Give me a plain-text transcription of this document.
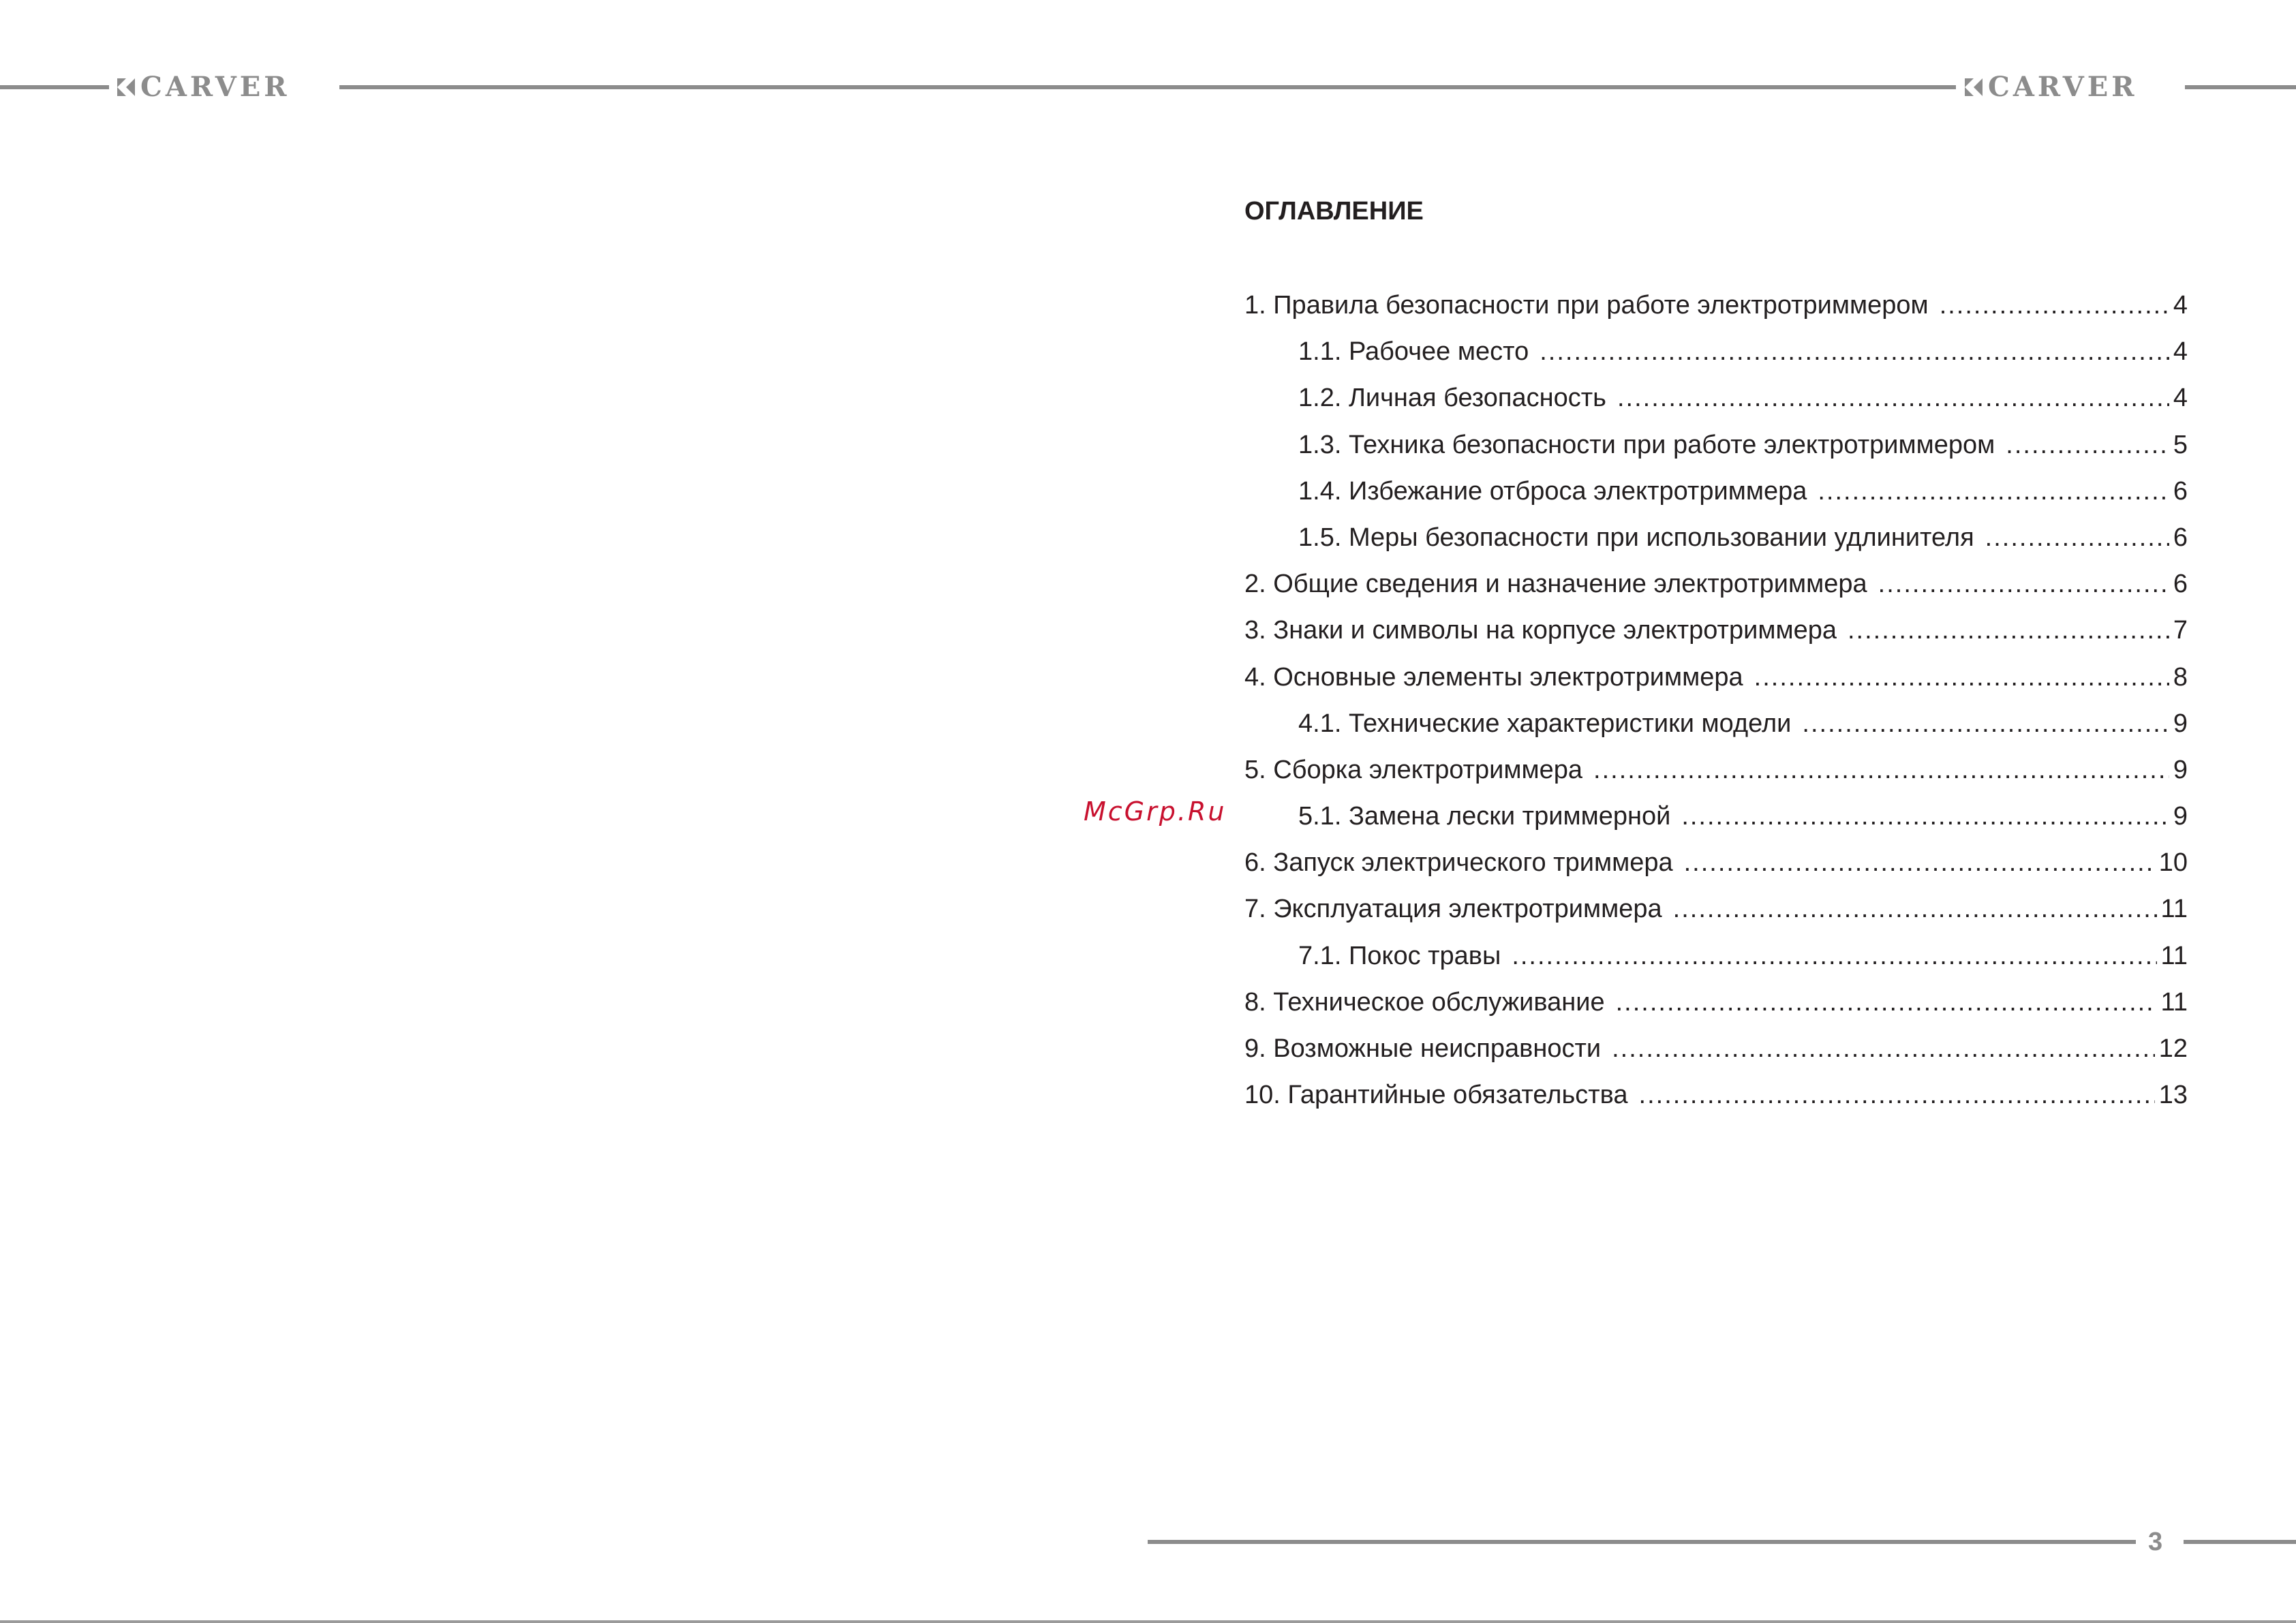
CARVER	CARVER
ОГЛАВЛЕНИЕ
1. Правила безопасности при работе электротриммером .....	4
1.1. Рабочее место .....	4
1.2. Личная безопасность .....	4
1.3. Техника безопасности при работе электротриммером .....	5
1.4. Избежание отброса электротриммера .....	6
1.5. Меры безопасности при использовании удлинителя .....	6
2. Общие сведения и назначение электротриммера .....	6
3. Знаки и символы на корпусе электротриммера .....	7
4. Основные элементы электротриммера .....	8
4.1. Технические характеристики модели .....	9
5. Сборка электротриммера .....	9
5.1. Замена лески триммерной .....	9
6. Запуск электрического триммера .....	10
7. Эксплуатация электротриммера .....	11
7.1. Покос травы .....	11
8. Техническое обслуживание .....	11
9. Возможные неисправности .....	12
10. Гарантийные обязательства .....	13
McGrp.Ru
3
